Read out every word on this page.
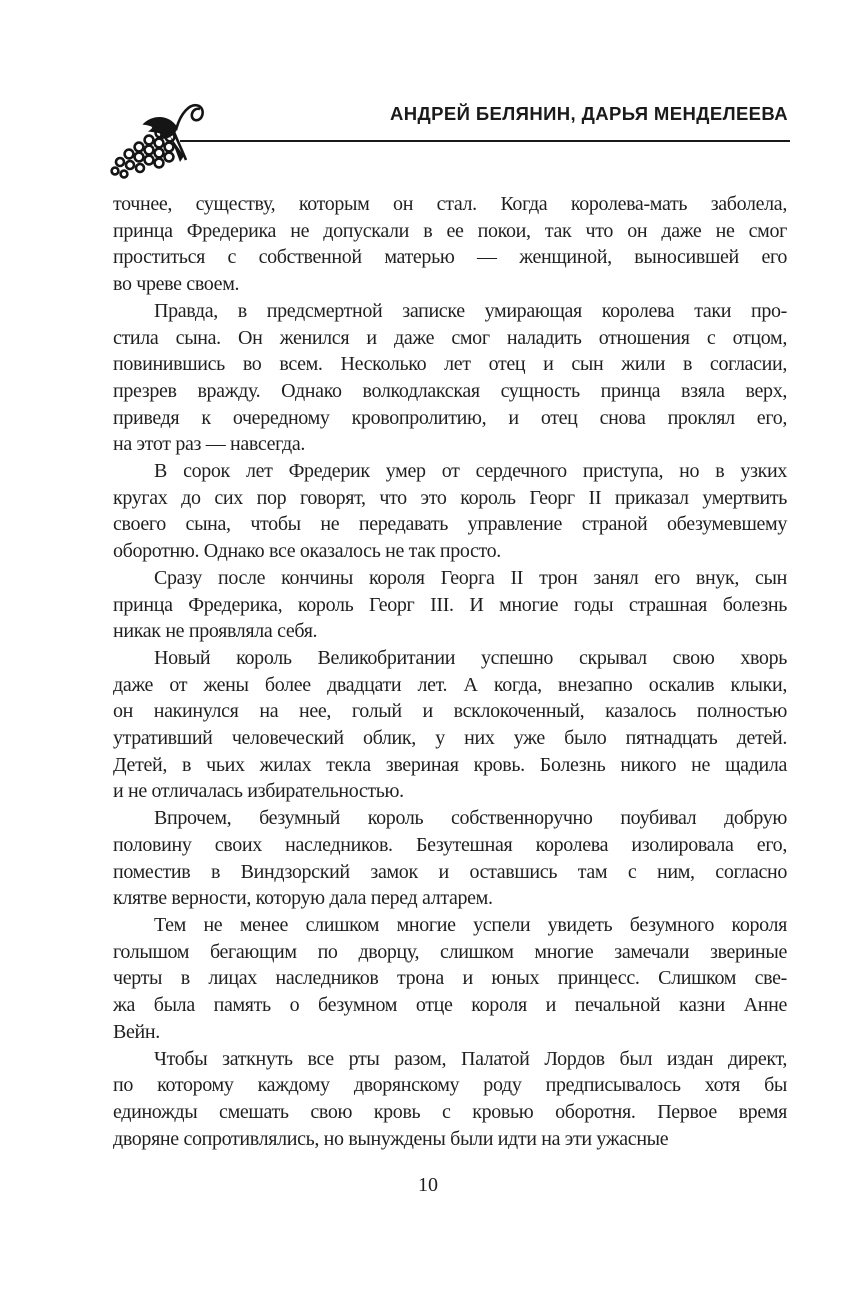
АНДРЕЙ БЕЛЯНИН, ДАРЬЯ МЕНДЕЛЕЕВА
точнее, существу, которым он стал. Когда королева-мать заболела,
принца Фредерика не допускали в ее покои, так что он даже не смог
проститься с собственной матерью — женщиной, выносившей его
во чреве своем.
Правда, в предсмертной записке умирающая королева таки про-
стила сына. Он женился и даже смог наладить отношения с отцом,
повинившись во всем. Несколько лет отец и сын жили в согласии,
презрев вражду. Однако волкодлакская сущность принца взяла верх,
приведя к очередному кровопролитию, и отец снова проклял его,
на этот раз — навсегда.
В сорок лет Фредерик умер от сердечного приступа, но в узких
кругах до сих пор говорят, что это король Георг II приказал умертвить
своего сына, чтобы не передавать управление страной обезумевшему
оборотню. Однако все оказалось не так просто.
Сразу после кончины короля Георга II трон занял его внук, сын
принца Фредерика, король Георг III. И многие годы страшная болезнь
никак не проявляла себя.
Новый король Великобритании успешно скрывал свою хворь
даже от жены более двадцати лет. А когда, внезапно оскалив клыки,
он накинулся на нее, голый и всклокоченный, казалось полностью
утративший человеческий облик, у них уже было пятнадцать детей.
Детей, в чьих жилах текла звериная кровь. Болезнь никого не щадила
и не отличалась избирательностью.
Впрочем, безумный король собственноручно поубивал добрую
половину своих наследников. Безутешная королева изолировала его,
поместив в Виндзорский замок и оставшись там с ним, согласно
клятве верности, которую дала перед алтарем.
Тем не менее слишком многие успели увидеть безумного короля
голышом бегающим по дворцу, слишком многие замечали звериные
черты в лицах наследников трона и юных принцесс. Слишком све-
жа была память о безумном отце короля и печальной казни Анне
Вейн.
Чтобы заткнуть все рты разом, Палатой Лордов был издан директ,
по которому каждому дворянскому роду предписывалось хотя бы
единожды смешать свою кровь с кровью оборотня. Первое время
дворяне сопротивлялись, но вынуждены были идти на эти ужасные
10
